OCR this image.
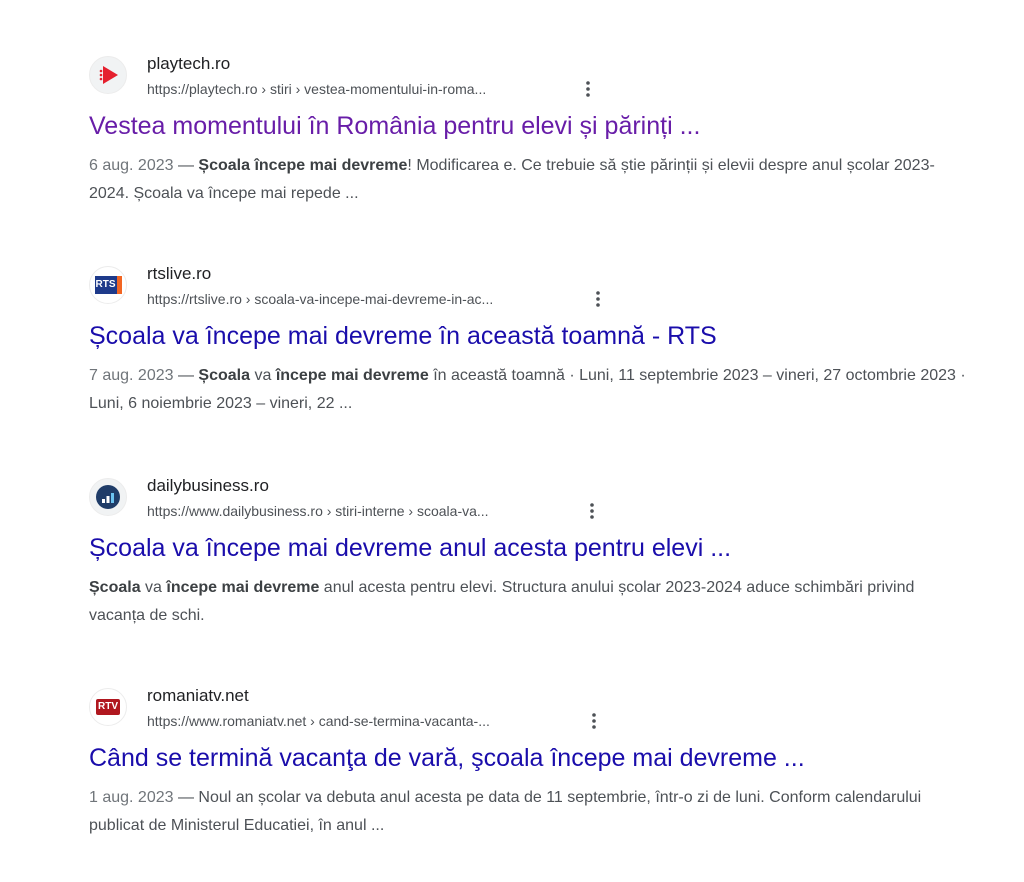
playtech.ro
https://playtech.ro › stiri › vestea-momentului-in-roma...
Vestea momentului în România pentru elevi și părinți ...
6 aug. 2023 — Școala începe mai devreme! Modificarea e. Ce trebuie să știe părinții și elevii despre anul școlar 2023-2024. Școala va începe mai repede ...
RTS
rtslive.ro
https://rtslive.ro › scoala-va-incepe-mai-devreme-in-ac...
Școala va începe mai devreme în această toamnă - RTS
7 aug. 2023 — Școala va începe mai devreme în această toamnă · Luni, 11 septembrie 2023 – vineri, 27 octombrie 2023 · Luni, 6 noiembrie 2023 – vineri, 22 ...
dailybusiness.ro
https://www.dailybusiness.ro › stiri-interne › scoala-va...
Școala va începe mai devreme anul acesta pentru elevi ...
Școala va începe mai devreme anul acesta pentru elevi. Structura anului școlar 2023-2024 aduce schimbări privind vacanța de schi.
RTV
romaniatv.net
https://www.romaniatv.net › cand-se-termina-vacanta-...
Când se termină vacanţa de vară, şcoala începe mai devreme ...
1 aug. 2023 — Noul an școlar va debuta anul acesta pe data de 11 septembrie, într-o zi de luni. Conform calendarului publicat de Ministerul Educatiei, în anul ...
